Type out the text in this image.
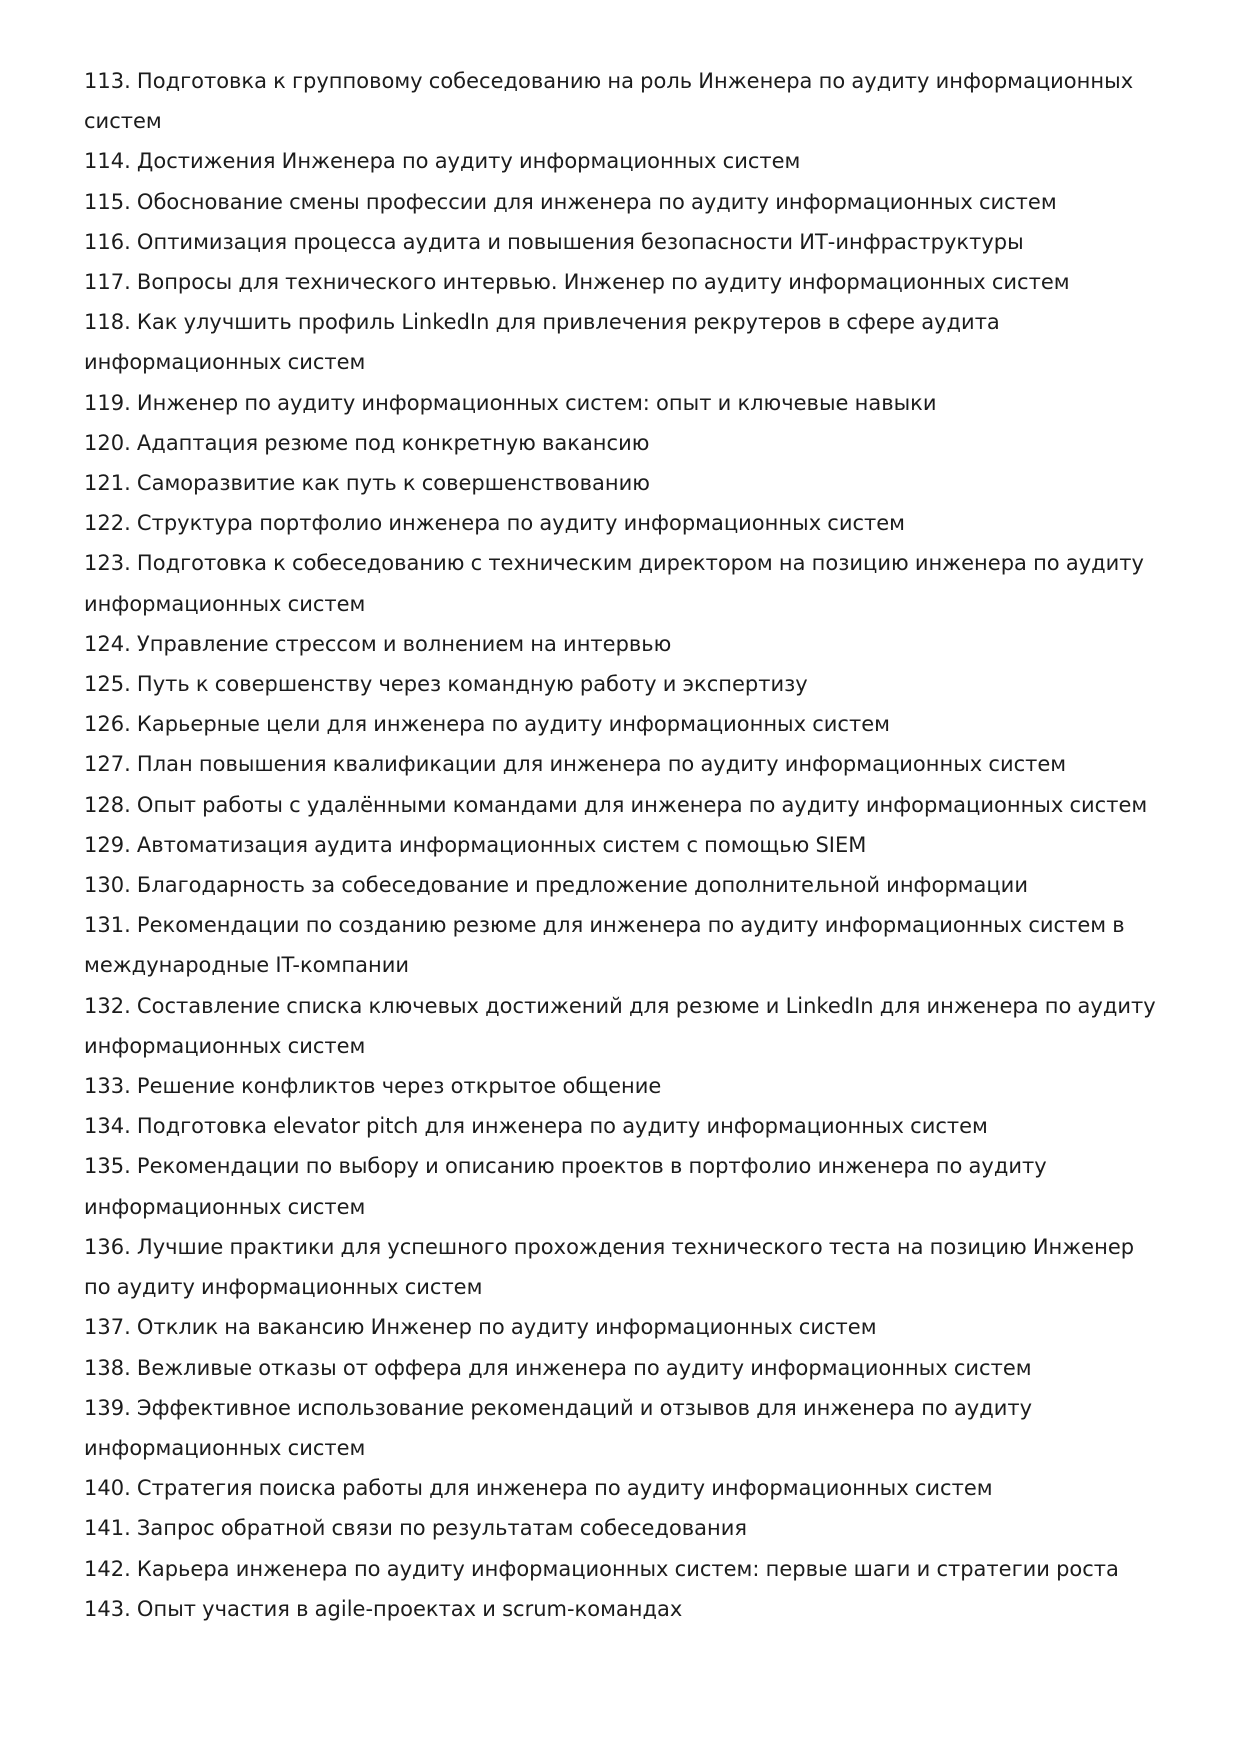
113. Подготовка к групповому собеседованию на роль Инженера по аудиту информационных систем

114. Достижения Инженера по аудиту информационных систем

115. Обоснование смены профессии для инженера по аудиту информационных систем

116. Оптимизация процесса аудита и повышения безопасности ИТ-инфраструктуры

117. Вопросы для технического интервью. Инженер по аудиту информационных систем

118. Как улучшить профиль LinkedIn для привлечения рекрутеров в сфере аудита информационных систем

119. Инженер по аудиту информационных систем: опыт и ключевые навыки

120. Адаптация резюме под конкретную вакансию

121. Саморазвитие как путь к совершенствованию

122. Структура портфолио инженера по аудиту информационных систем

123. Подготовка к собеседованию с техническим директором на позицию инженера по аудиту информационных систем

124. Управление стрессом и волнением на интервью

125. Путь к совершенству через командную работу и экспертизу

126. Карьерные цели для инженера по аудиту информационных систем

127. План повышения квалификации для инженера по аудиту информационных систем

128. Опыт работы с удалёнными командами для инженера по аудиту информационных систем

129. Автоматизация аудита информационных систем с помощью SIEM

130. Благодарность за собеседование и предложение дополнительной информации

131. Рекомендации по созданию резюме для инженера по аудиту информационных систем в международные IT-компании

132. Составление списка ключевых достижений для резюме и LinkedIn для инженера по аудиту информационных систем

133. Решение конфликтов через открытое общение

134. Подготовка elevator pitch для инженера по аудиту информационных систем

135. Рекомендации по выбору и описанию проектов в портфолио инженера по аудиту информационных систем

136. Лучшие практики для успешного прохождения технического теста на позицию Инженер по аудиту информационных систем

137. Отклик на вакансию Инженер по аудиту информационных систем

138. Вежливые отказы от оффера для инженера по аудиту информационных систем

139. Эффективное использование рекомендаций и отзывов для инженера по аудиту информационных систем

140. Стратегия поиска работы для инженера по аудиту информационных систем

141. Запрос обратной связи по результатам собеседования

142. Карьера инженера по аудиту информационных систем: первые шаги и стратегии роста

143. Опыт участия в agile-проектах и scrum-командах
